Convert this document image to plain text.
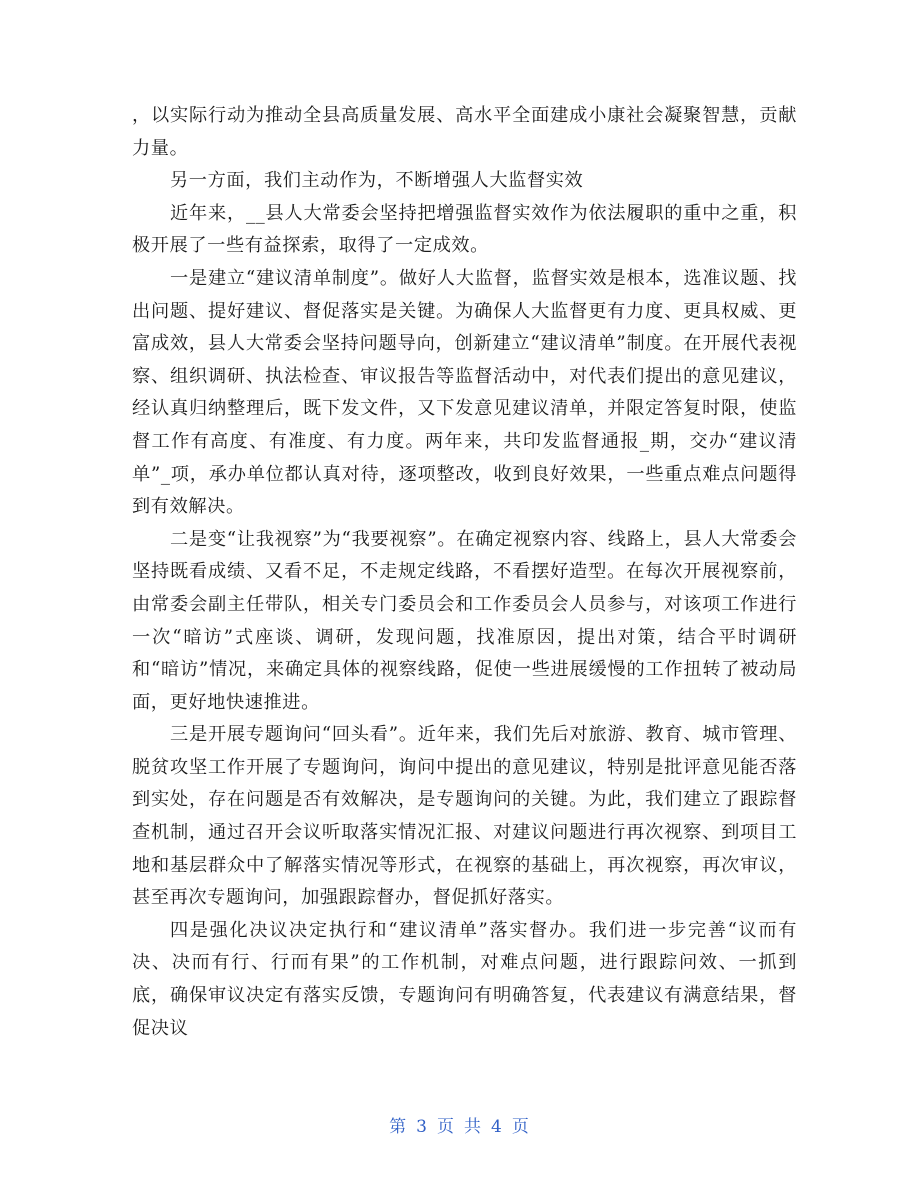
，以实际行动为推动全县高质量发展、高水平全面建成小康社会凝聚智慧，贡献力量。

另一方面，我们主动作为，不断增强人大监督实效

近年来，__县人大常委会坚持把增强监督实效作为依法履职的重中之重，积极开展了一些有益探索，取得了一定成效。

一是建立“建议清单制度”。做好人大监督，监督实效是根本，选准议题、找出问题、提好建议、督促落实是关键。为确保人大监督更有力度、更具权威、更富成效，县人大常委会坚持问题导向，创新建立“建议清单”制度。在开展代表视察、组织调研、执法检查、审议报告等监督活动中，对代表们提出的意见建议，经认真归纳整理后，既下发文件，又下发意见建议清单，并限定答复时限，使监督工作有高度、有准度、有力度。两年来，共印发监督通报_期，交办“建议清单”_项，承办单位都认真对待，逐项整改，收到良好效果，一些重点难点问题得到有效解决。

二是变“让我视察”为“我要视察”。在确定视察内容、线路上，县人大常委会坚持既看成绩、又看不足，不走规定线路，不看摆好造型。在每次开展视察前，由常委会副主任带队，相关专门委员会和工作委员会人员参与，对该项工作进行一次“暗访”式座谈、调研，发现问题，找准原因，提出对策，结合平时调研和“暗访”情况，来确定具体的视察线路，促使一些进展缓慢的工作扭转了被动局面，更好地快速推进。

三是开展专题询问“回头看”。近年来，我们先后对旅游、教育、城市管理、脱贫攻坚工作开展了专题询问，询问中提出的意见建议，特别是批评意见能否落到实处，存在问题是否有效解决，是专题询问的关键。为此，我们建立了跟踪督查机制，通过召开会议听取落实情况汇报、对建议问题进行再次视察、到项目工地和基层群众中了解落实情况等形式，在视察的基础上，再次视察，再次审议，甚至再次专题询问，加强跟踪督办，督促抓好落实。

四是强化决议决定执行和“建议清单”落实督办。我们进一步完善“议而有决、决而有行、行而有果”的工作机制，对难点问题，进行跟踪问效、一抓到底，确保审议决定有落实反馈，专题询问有明确答复，代表建议有满意结果，督促决议

第 3 页 共 4 页
